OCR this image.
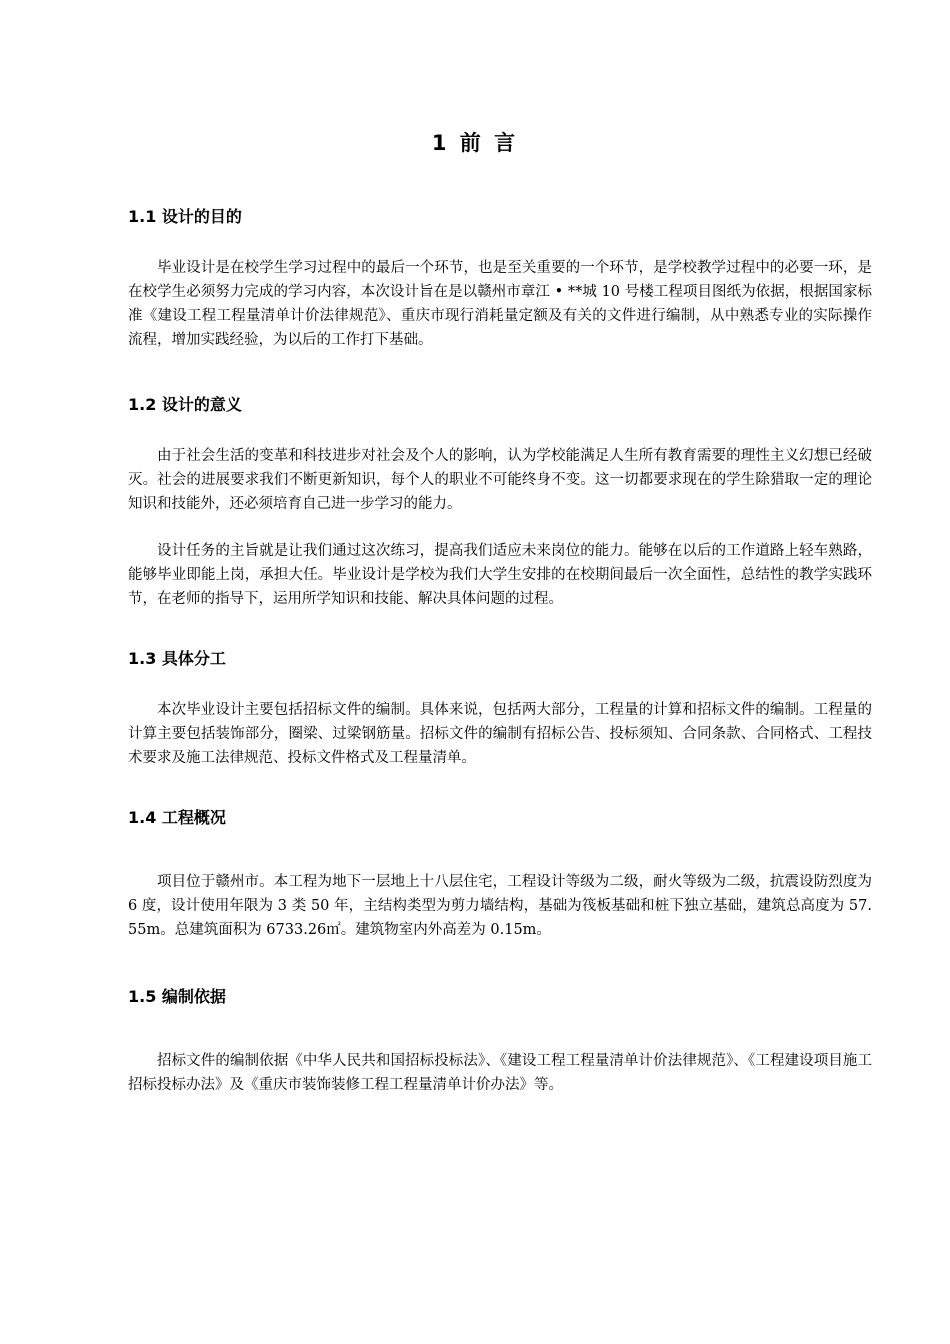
1 前 言
1.1 设计的目的

毕业设计是在校学生学习过程中的最后一个环节，也是至关重要的一个环节，是学校教学过程中的必要一环，是在校学生必须努力完成的学习内容，本次设计旨在是以赣州市章江 • **城 10 号楼工程项目图纸为依据，根据国家标准《建设工程工程量清单计价法律规范》、重庆市现行消耗量定额及有关的文件进行编制，从中熟悉专业的实际操作流程，增加实践经验，为以后的工作打下基础。

1.2 设计的意义

由于社会生活的变革和科技进步对社会及个人的影响，认为学校能满足人生所有教育需要的理性主义幻想已经破灭。社会的进展要求我们不断更新知识，每个人的职业不可能终身不变。这一切都要求现在的学生除猎取一定的理论知识和技能外，还必须培育自己进一步学习的能力。

设计任务的主旨就是让我们通过这次练习，提高我们适应未来岗位的能力。能够在以后的工作道路上轻车熟路，能够毕业即能上岗，承担大任。毕业设计是学校为我们大学生安排的在校期间最后一次全面性，总结性的教学实践环节，在老师的指导下，运用所学知识和技能、解决具体问题的过程。

1.3 具体分工

本次毕业设计主要包括招标文件的编制。具体来说，包括两大部分，工程量的计算和招标文件的编制。工程量的计算主要包括装饰部分，圈梁、过梁钢筋量。招标文件的编制有招标公告、投标须知、合同条款、合同格式、工程技术要求及施工法律规范、投标文件格式及工程量清单。

1.4 工程概况

项目位于赣州市。本工程为地下一层地上十八层住宅，工程设计等级为二级，耐火等级为二级，抗震设防烈度为 6 度，设计使用年限为 3 类 50 年，主结构类型为剪力墙结构，基础为筏板基础和桩下独立基础，建筑总高度为 57.55m。总建筑面积为 6733.26㎡。建筑物室内外高差为 0.15m。

1.5 编制依据

招标文件的编制依据《中华人民共和国招标投标法》、《建设工程工程量清单计价法律规范》、《工程建设项目施工招标投标办法》及《重庆市装饰装修工程工程量清单计价办法》等。
